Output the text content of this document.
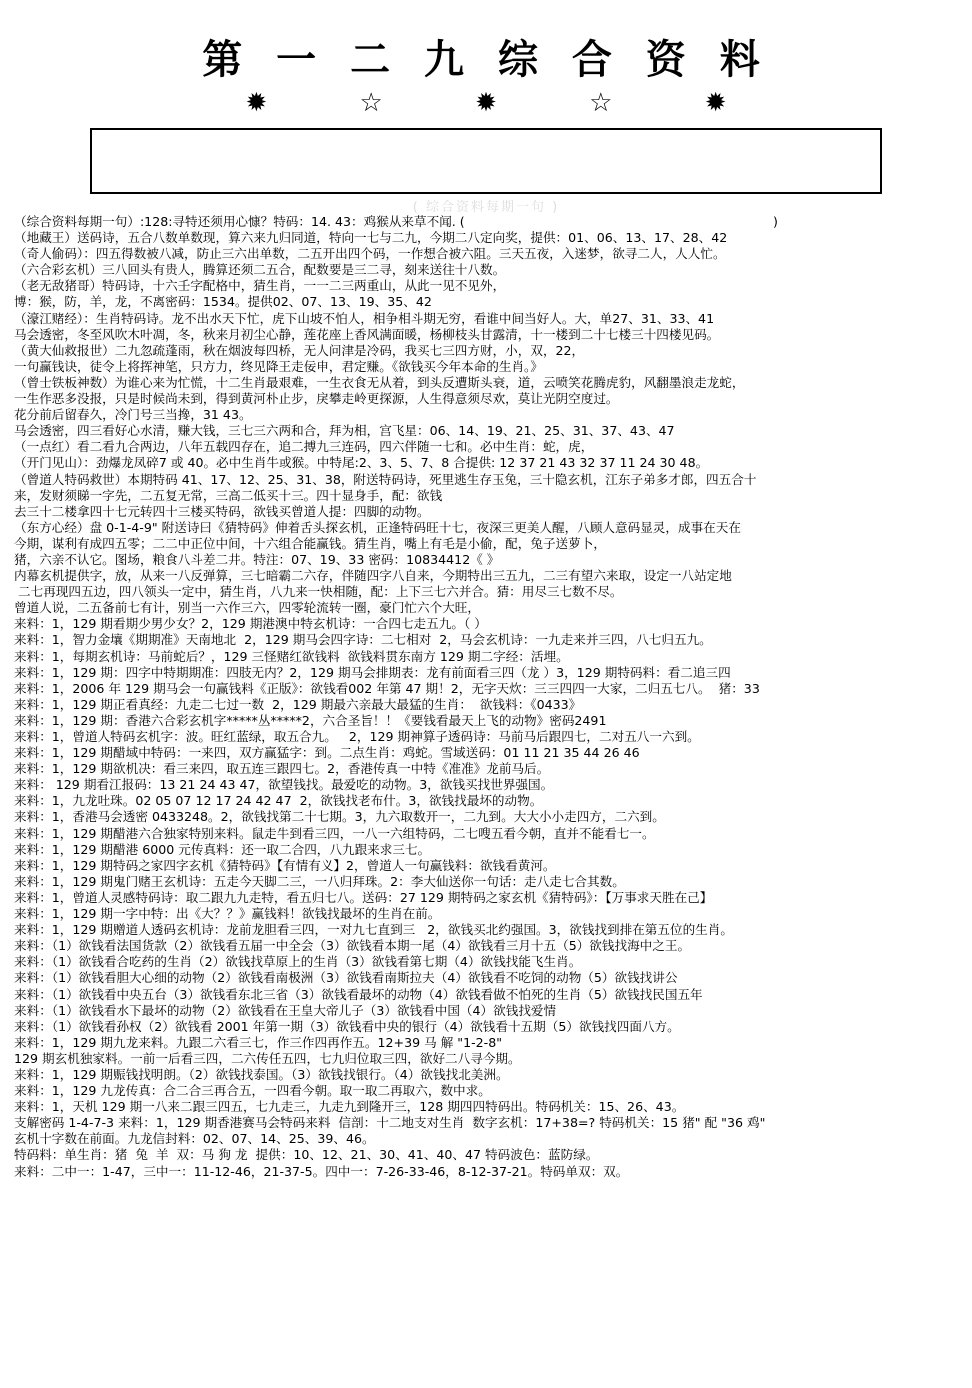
第 一 二 九 综 合 资 料
✹ ☆ ✹ ☆ ✹
( 综合资料每期一句 )

（综合资料每期一句）:128:寻特还须用心慷？特码：14. 43：鸡猴从来草不闻. (                                                                             )

（地藏王）送码诗，五合八数单数现，算六来九归同道，特向一七与二九，今期二八定向奖，提供：01、06、13、17、28、42

（奇人偷码）：四五得数被八减，防止三六出单数，二五开出四个码，一作想合被六阻。三天五夜，入迷梦，欲寻二人，人人忙。

（六合彩玄机）三八回头有贵人，腾算还须二五合，配数要是三二寻，刻来送往十八数。

（老无敌猪哥）特码诗，十六壬字配格中，猜生肖，一一二三两重山，从此一见不见外，

博：猴，防，羊，龙，不离密码：1534。提供02、07、13、19、35、42

（濠江赌经）：生肖特码诗。龙不出水天下忙，虎下山坡不怕人，相争相斗期无穷，看谁中间当好人。大，单27、31、33、41

马会透密，冬至风吹木叶凋，冬，秋来月初尘心静，莲花座上香风满面暖，杨柳枝头甘露清，十一楼到二十七楼三十四楼见码。

（黄大仙救报世）二九忽疏蓬雨，秋在烟波每四桥，无人问津是冷码，我买七三四方财，小，双，22，

一句赢钱诀，徒令上将挥神笔，只方力，终见降王走佞申，君定赚。《欲钱买今年本命的生肖。》

（曾士铁板神数）为谁心来为忙慌，十二生肖最艰难，一生衣食无从着，到头反遭斯头衰，道，云喷笑花腾虎豹，风翻墨浪走龙蛇，

一生作恶多没报，只是时候尚未到，得到黄河朴止步，戾攀走岭更探源，人生得意须尽欢，莫让光阴空度过。

花分前后留春久，冷门号三当搀，31 43。

马会透密，四三看好心水清，赚大钱，三七三六两和合，拜为相，宫飞星：06、14、19、21、25、31、37、43、47

（一点红）看二看九合两边，八年五载四存在，追二搏九三连码，四六伴随一七和。必中生肖：蛇，虎，

（开门见山）：劲爆龙凤碎7 或 40。必中生肖牛或猴。中特尾:2、3、5、7、8 合提供: 12 37 21 43 32 37 11 24 30 48。

（曾道人特码救世）本期特码 41、17、12、25、31、38，附送特码诗，死里逃生存玉兔，三十隐玄机，江东子弟多才郎，四五合十

来，发财须睇一字先，二五复无常，三高二低买十三。四十显身手，配：欲钱

去三十二楼拿四十七元转四十三楼买特码，欲钱买曾道人提：四脚的动物。

（东方心经）盘 0-1-4-9" 附送诗曰《猜特码》伸着舌头探玄机，正逢特码旺十七，夜深三更美人醒，八顾人意码显灵，成事在天在

今期，谋利有成四五零；二二中正位中间，十六组合能赢钱。猜生肖，嘴上有毛是小偷，配，兔子送萝卜，

猪，六亲不认它。图场，粮食八斗差二井。特注：07、19、33 密码：10834412《 》

内幕玄机提供字，放，从来一八反弹算，三七暗霸二六存，伴随四字八自来，今期特出三五九，二三有望六来取，设定一八站定地

二七再现四五边，四八领头一定中，猜生肖，八九来一快相随，配：上下三七六并合。猜：用尽三七数不尽。

曾道人说，二五备前七有计，别当一六作三六，四零轮流转一圈，豪门忙六个大旺，

来料：1，129 期看期少男少女？2，129 期港澳中特玄机诗：一合四七走五九。（ ）

来料：1，智力金壤《期期准》天南地北  2，129 期马会四字诗：二七相对  2，马会玄机诗：一九走来并三四，八七归五九。

来料：1，每期玄机诗：马前蛇后？，129 三怪赌红欲钱料  欲钱料贯东南方 129 期二字经：活埋。

来料：1，129 期：四字中特期期准：四肢无内？2，129 期马会排期表：龙有前面看三四（龙 ）3，129 期特码料：看二追三四

来料：1，2006 年 129 期马会一句赢钱料《正版》：欲钱看002 年第 47 期！2，无字天炊：三三四四一大家，二归五七八。  猪：33

来料：1，129 期正看真经：九走二七过一数  2，129 期最六亲最大最猛的生肖：  欲钱料：《0433》

来料：1，129 期：香港六合彩玄机字*****丛*****2，六合圣旨！！《要钱看最天上飞的动物》密码2491

来料：1，曾道人特码玄机字：波。旺红蓝绿，取五合九。   2，129 期神算子透码诗：马前马后跟四七，二对五八一六到。

来料：1，129 期醋域中特码：一来四，双方赢猛字：到。二点生肖：鸡蛇。雪域送码：01 11 21 35 44 26 46

来料：1，129 期欲机决：看三来四，取五连三跟四七。2，香港传真一中特《准准》龙前马后。

来料： 129 期看江报码：13 21 24 43 47，欲望钱找。最爱吃的动物。3，欲钱买找世界强国。

来料：1，九龙吐珠。02 05 07 12 17 24 42 47  2，欲钱找老布什。3，欲钱找最坏的动物。

来料：1，香港马会透密 0433248。2，欲钱找第二十七期。3，九六取数开一，二九到。大大小小走四方，二六到。

来料：1，129 期醋港六合独家特别来料。鼠走牛到看三四，一八一六组特码，二七嗖五看今朝，直并不能看七一。

来料：1，129 期醋港 6000 元传真料：还一取二合四，八九跟来求三七。

来料：1，129 期特码之家四字玄机《猜特码》【有情有义】2，曾道人一句赢钱料：欲钱看黄河。

来料：1，129 期鬼门赌王玄机诗：五走今天脚二三，一八归拜珠。2：李大仙送你一句话：走八走七合其数。

来料：1，曾道人灵感特码诗：取二跟九九走特，看五归七八。送码：27 129 期特码之家玄机《猜特码》：【万事求天胜在己】

来料：1，129 期一字中特：出《大？？》赢钱料！欲钱找最坏的生肖在前。

来料：1，129 期赠道人透码玄机诗：龙前龙胆看三四，一对九七直到三   2，欲钱买北约强国。3，欲钱找到排在第五位的生肖。

来料：（1）欲钱看法国货款（2）欲钱看五届一中全会（3）欲钱看本期一尾（4）欲钱看三月十五（5）欲钱找海中之王。

来料：（1）欲钱看合吃药的生肖（2）欲钱找草原上的生肖（3）欲钱看第七期（4）欲钱找能飞生肖。

来料：（1）欲钱看胆大心细的动物（2）欲钱看南极洲（3）欲钱看南斯拉夫（4）欲钱看不吃饲的动物（5）欲钱找讲公

来料：（1）欲钱看中央五台（3）欲钱看东北三省（3）欲钱看最坏的动物（4）欲钱看做不怕死的生肖（5）欲钱找民国五年

来料：（1）欲钱看水下最坏的动物（2）欲钱看在王皇大帝儿子（3）欲钱看中国（4）欲钱找爱情

来料：（1）欲钱看孙权（2）欲钱看 2001 年第一期（3）欲钱看中央的银行（4）欲钱看十五期（5）欲钱找四面八方。

来料：1，129 期九龙来料。九跟二六看三七，作三作四再作五。12+39 马 解 "1-2-8"

129 期玄机独家料。一前一后看三四，二六传任五四，七九归位取三四，欲好二八寻今期。

来料：1，129 期赈钱找明朗。（2）欲钱找泰国。（3）欲钱找银行。（4）欲钱找北美洲。

来料：1，129 九龙传真：合二合三再合五，一四看今朝。取一取二再取六，数中求。

来料：1，天机 129 期一八来二跟三四五，七九走三，九走九到隆开三，128 期四四特码出。特码机关：15、26、43。

支解密码 1-4-7-3 来料：1，129 期香港赛马会特码来料  信剖：十二地支对生肖  数字玄机：17+38=? 特码机关：15 猪" 配 "36 鸡"

玄机十字数在前面。九龙信封料：02、07、14、25、39、46。

特码料：单生肖：猪  兔  羊  双：马 狗 龙  提供：10、12、21、30、41、40、47 特码波色：蓝防绿。

来料：二中一：1-47，三中一：11-12-46，21-37-5。四中一：7-26-33-46，8-12-37-21。特码单双：双。
